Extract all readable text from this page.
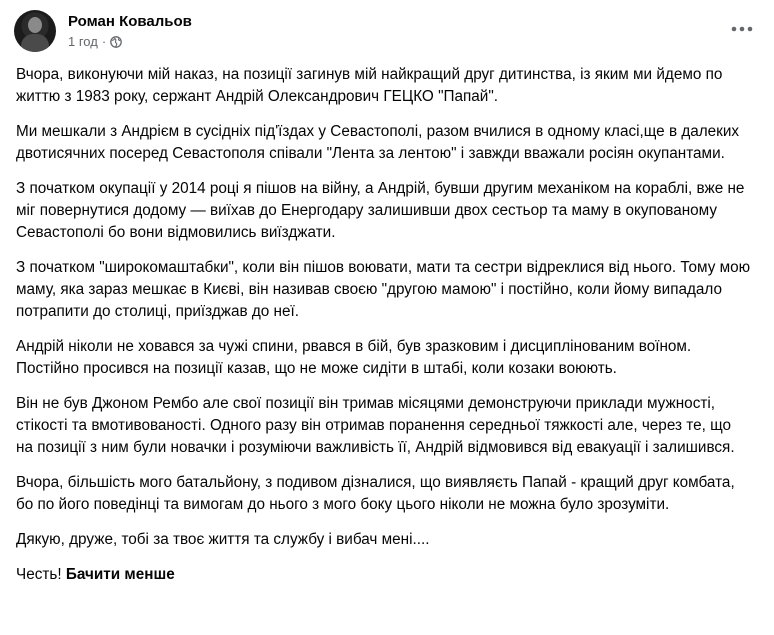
Роман Ковальов
1 год ·

Вчора, виконуючи мій наказ, на позиції загинув мій найкращий друг дитинства, із яким ми йдемо по життю з 1983 року, сержант Андрій Олександрович ГЕЦКО "Папай".

Ми мешкали з Андрієм в сусідніх під'їздах у Севастополі, разом вчилися в одному класі,ще в далеких двотисячних посеред Севастополя співали "Лента за лентою" і завжди вважали росіян окупантами.

З початком окупації у 2014 році я пішов на війну, а Андрій, бувши другим механіком на кораблі, вже не міг повернутися додому — виїхав до Енергодару залишивши двох сестьор та маму в окупованому Севастополі бо вони відмовились виїзджати.

З початком "широкомаштабки", коли він пішов воювати, мати та сестри відреклися від нього. Тому мою маму, яка зараз мешкає в Києві, він називав своєю "другою мамою" і постійно, коли йому випадало потрапити до столиці, приїзджав до неї.

Андрій ніколи не ховався за чужі спини, рвався в бій, був зразковим і дисциплінованим воїном. Постійно просився на позиції казав, що не може сидіти в штабі, коли козаки воюють.

Він не був Джоном Рембо але свої позиції він тримав місяцями демонструючи приклади мужності, стікості та вмотивованості. Одного разу він отримав поранення середньої тяжкості але, через те, що на позиції з ним були новачки і розуміючи важливість її, Андрій відмовився від евакуації і залишився.

Вчора, більшість мого батальйону, з подивом дізналися, що виявляєть Папай - кращий друг комбата, бо по його поведінці та вимогам до нього з мого боку цього ніколи не можна було зрозуміти.

Дякую, друже, тобі за твоє життя та службу і вибач мені....

Честь! Бачити менше
